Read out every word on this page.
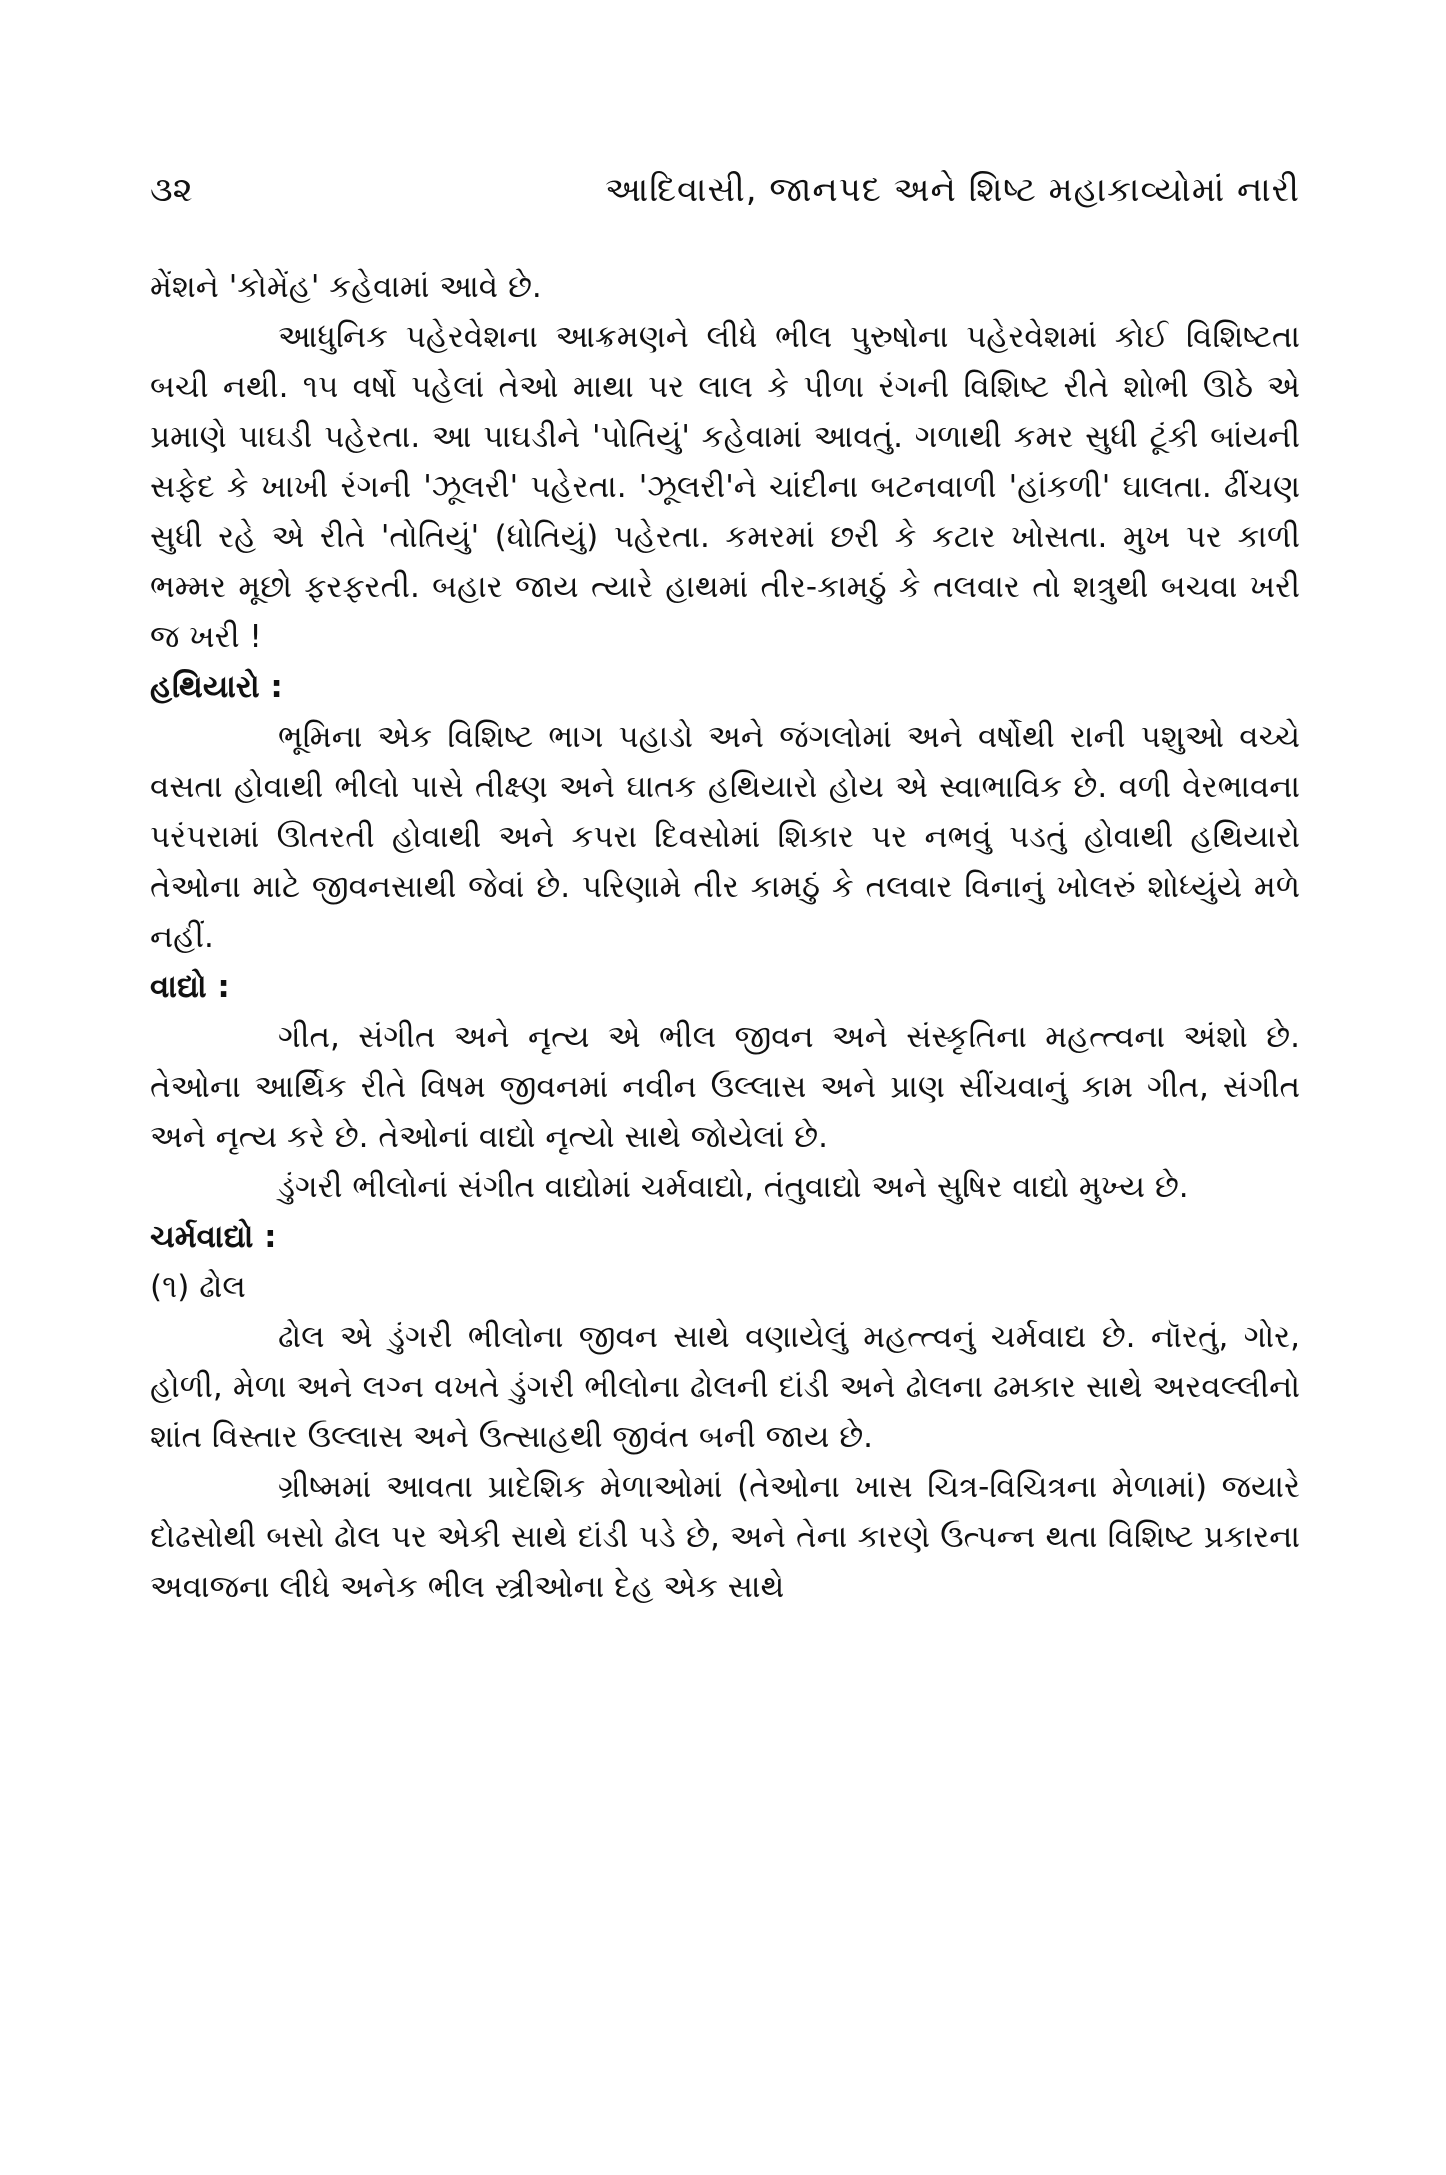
૩૨	આદિવાસી, જાનપદ અને શિષ્ટ મહાકાવ્યોમાં નારી

મેંશને 'કોમેંહ' કહેવામાં આવે છે.

આધુનિક પહેરવેશના આક્રમણને લીધે ભીલ પુરુષોના પહેરવેશમાં કોઈ વિશિષ્ટતા બચી નથી. ૧૫ વર્ષો પહેલાં તેઓ માથા પર લાલ કે પીળા રંગની વિશિષ્ટ રીતે શોભી ઊઠે એ પ્રમાણે પાઘડી પહેરતા. આ પાઘડીને 'પોતિયું' કહેવામાં આવતું. ગળાથી કમર સુધી ટૂંકી બાંયની સફેદ કે ખાખી રંગની 'ઝૂલરી' પહેરતા. 'ઝૂલરી'ને ચાંદીના બટનવાળી 'હાંકળી' ઘાલતા. ઢીંચણ સુધી રહે એ રીતે 'તોતિયું' (ધોતિયું) પહેરતા. કમરમાં છરી કે કટાર ખોસતા. મુખ પર કાળી ભમ્મર મૂછો ફરફરતી. બહાર જાય ત્યારે હાથમાં તીર-કામઠું કે તલવાર તો શત્રુથી બચવા ખરી જ ખરી !

હથિયારો :

ભૂમિના એક વિશિષ્ટ ભાગ પહાડો અને જંગલોમાં અને વર્ષોથી રાની પશુઓ વચ્ચે વસતા હોવાથી ભીલો પાસે તીક્ષ્ણ અને ઘાતક હથિયારો હોય એ સ્વાભાવિક છે. વળી વેરભાવના પરંપરામાં ઊતરતી હોવાથી અને કપરા દિવસોમાં શિકાર પર નભવું પડતું હોવાથી હથિયારો તેઓના માટે જીવનસાથી જેવાં છે. પરિણામે તીર કામઠું કે તલવાર વિનાનું ખોલરું શોધ્યુંયે મળે નહીં.

વાદ્યો :

ગીત, સંગીત અને નૃત્ય એ ભીલ જીવન અને સંસ્કૃતિના મહત્ત્વના અંશો છે. તેઓના આર્થિક રીતે વિષમ જીવનમાં નવીન ઉલ્લાસ અને પ્રાણ સીંચવાનું કામ ગીત, સંગીત અને નૃત્ય કરે છે. તેઓનાં વાદ્યો નૃત્યો સાથે જોયેલાં છે.

ડુંગરી ભીલોનાં સંગીત વાદ્યોમાં ચર્મવાદ્યો, તંતુવાદ્યો અને સુષિર વાદ્યો મુખ્ય છે.

ચર્મવાદ્યો :

(૧) ઢોલ

ઢોલ એ ડુંગરી ભીલોના જીવન સાથે વણાયેલું મહત્ત્વનું ચર્મવાદ્ય છે. નૉરતું, ગોર, હોળી, મેળા અને લગ્ન વખતે ડુંગરી ભીલોના ઢોલની દાંડી અને ઢોલના ઢમકાર સાથે અરવલ્લીનો શાંત વિસ્તાર ઉલ્લાસ અને ઉત્સાહથી જીવંત બની જાય છે.

ગ્રીષ્મમાં આવતા પ્રાદેશિક મેળાઓમાં (તેઓના ખાસ ચિત્ર-વિચિત્રના મેળામાં) જયારે દોઢસોથી બસો ઢોલ પર એકી સાથે દાંડી પડે છે, અને તેના કારણે ઉત્પન્ન થતા વિશિષ્ટ પ્રકારના અવાજના લીધે અનેક ભીલ સ્ત્રીઓના દેહ એક સાથે
